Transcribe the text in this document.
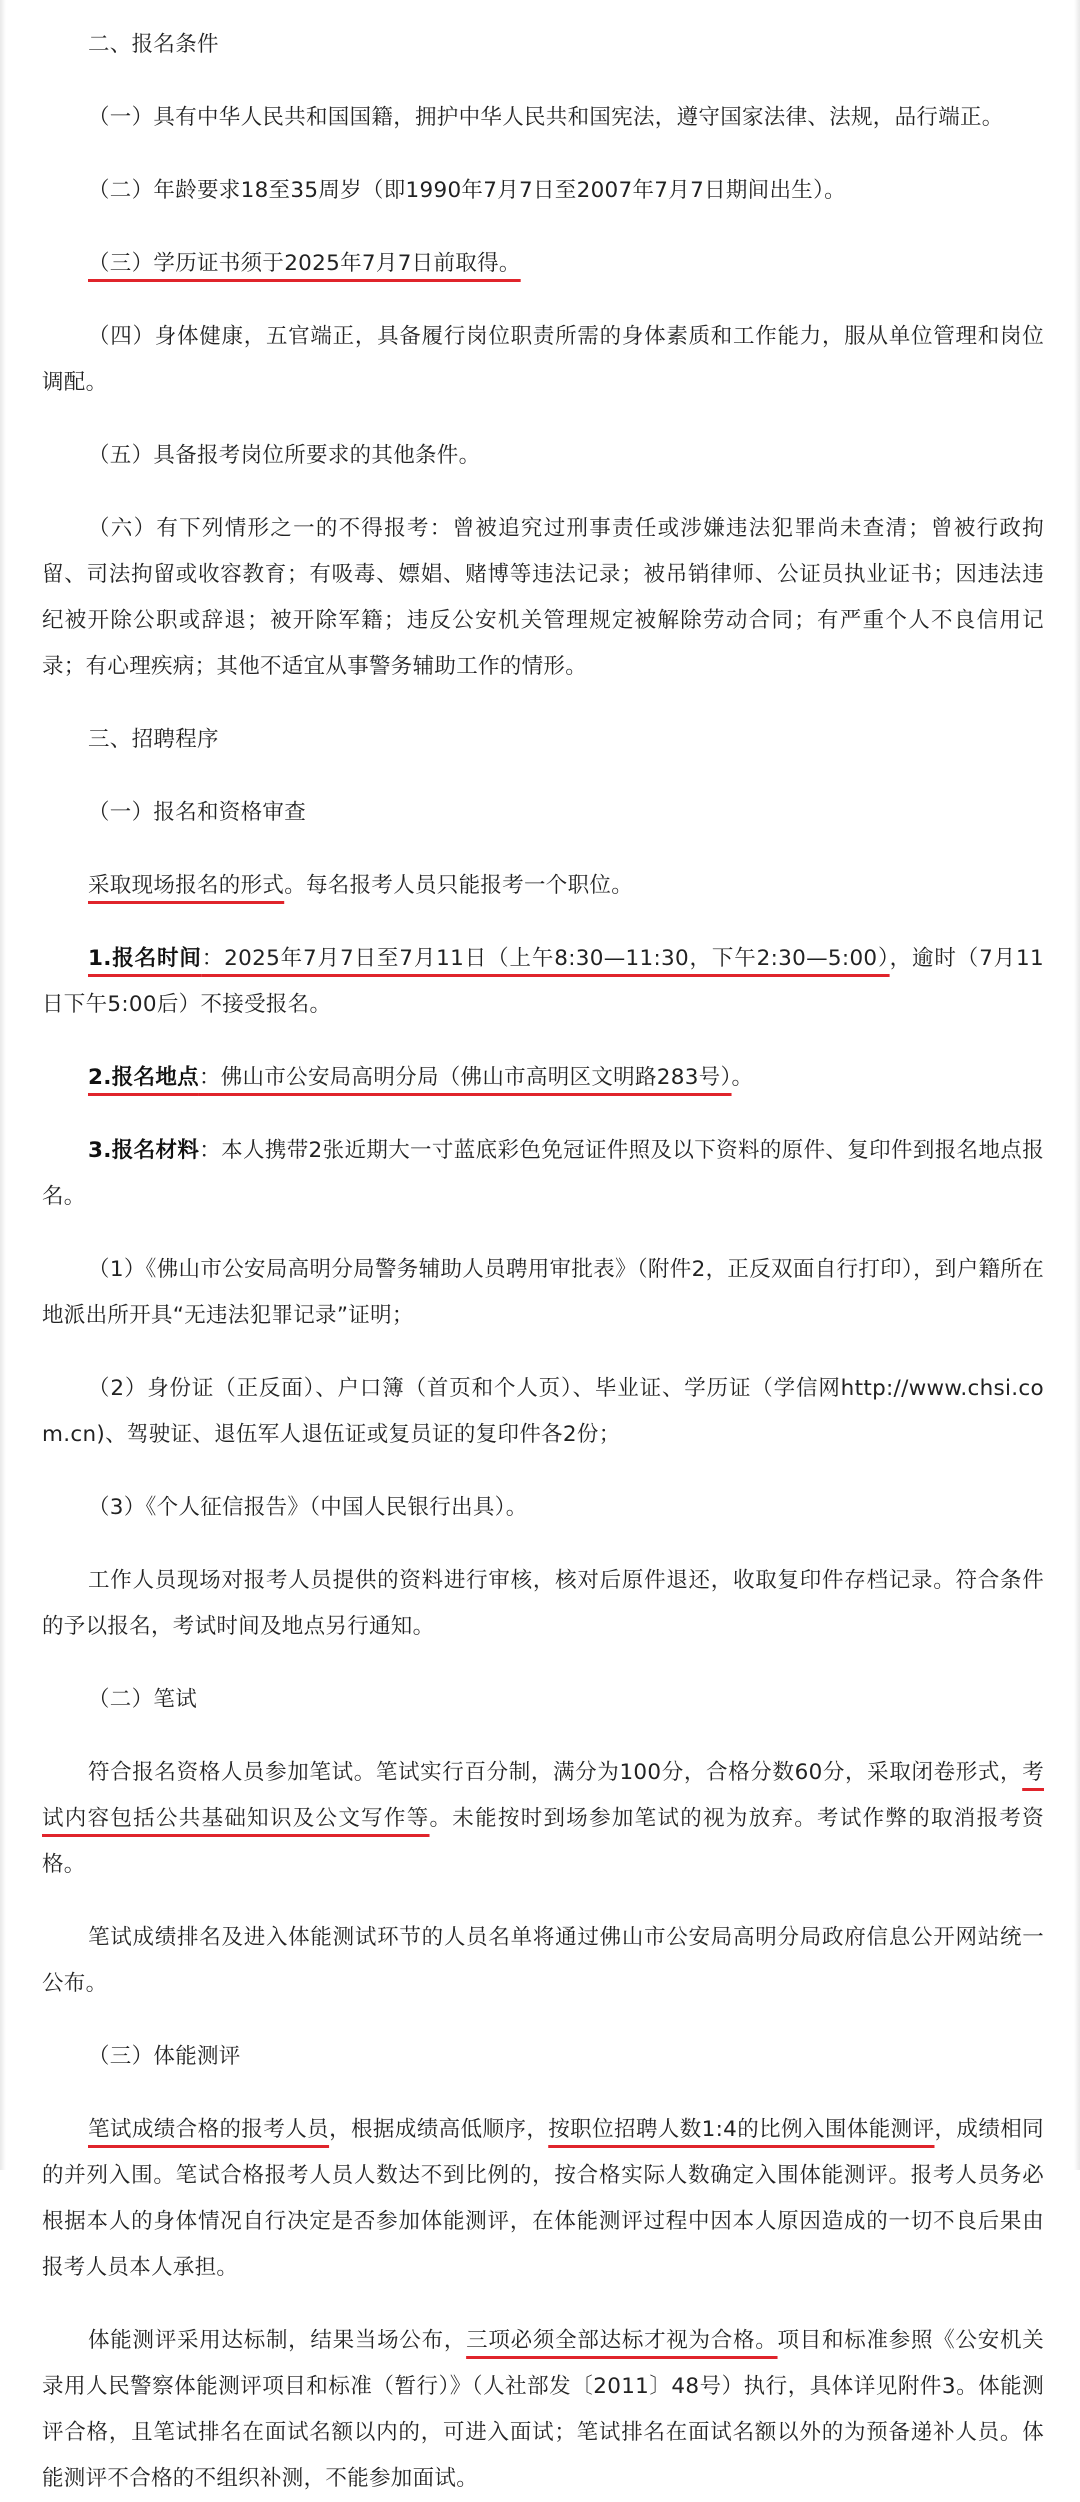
二、报名条件

（一）具有中华人民共和国国籍，拥护中华人民共和国宪法，遵守国家法律、法规，品行端正。

（二）年龄要求18至35周岁（即1990年7月7日至2007年7月7日期间出生）。

（三）学历证书须于2025年7月7日前取得。

（四）身体健康，五官端正，具备履行岗位职责所需的身体素质和工作能力，服从单位管理和岗位调配。

（五）具备报考岗位所要求的其他条件。

（六）有下列情形之一的不得报考：曾被追究过刑事责任或涉嫌违法犯罪尚未查清；曾被行政拘留、司法拘留或收容教育；有吸毒、嫖娼、赌博等违法记录；被吊销律师、公证员执业证书；因违法违纪被开除公职或辞退；被开除军籍；违反公安机关管理规定被解除劳动合同；有严重个人不良信用记录；有心理疾病；其他不适宜从事警务辅助工作的情形。

三、招聘程序

（一）报名和资格审查

采取现场报名的形式。每名报考人员只能报考一个职位。

1.报名时间：2025年7月7日至7月11日（上午8:30—11:30，下午2:30—5:00），逾时（7月11日下午5:00后）不接受报名。

2.报名地点：佛山市公安局高明分局（佛山市高明区文明路283号）。

3.报名材料：本人携带2张近期大一寸蓝底彩色免冠证件照及以下资料的原件、复印件到报名地点报名。

（1）《佛山市公安局高明分局警务辅助人员聘用审批表》（附件2，正反双面自行打印），到户籍所在地派出所开具“无违法犯罪记录”证明；

（2）身份证（正反面）、户口簿（首页和个人页）、毕业证、学历证（学信网http://www.chsi.com.cn)、驾驶证、退伍军人退伍证或复员证的复印件各2份；

（3）《个人征信报告》（中国人民银行出具）。

工作人员现场对报考人员提供的资料进行审核，核对后原件退还，收取复印件存档记录。符合条件的予以报名，考试时间及地点另行通知。

（二）笔试

符合报名资格人员参加笔试。笔试实行百分制，满分为100分，合格分数60分，采取闭卷形式，考试内容包括公共基础知识及公文写作等。未能按时到场参加笔试的视为放弃。考试作弊的取消报考资格。

笔试成绩排名及进入体能测试环节的人员名单将通过佛山市公安局高明分局政府信息公开网站统一公布。

（三）体能测评

笔试成绩合格的报考人员，根据成绩高低顺序，按职位招聘人数1:4的比例入围体能测评，成绩相同的并列入围。笔试合格报考人员人数达不到比例的，按合格实际人数确定入围体能测评。报考人员务必根据本人的身体情况自行决定是否参加体能测评，在体能测评过程中因本人原因造成的一切不良后果由报考人员本人承担。

体能测评采用达标制，结果当场公布，三项必须全部达标才视为合格。项目和标准参照《公安机关录用人民警察体能测评项目和标准（暂行）》（人社部发〔2011〕48号）执行，具体详见附件3。体能测评合格，且笔试排名在面试名额以内的，可进入面试；笔试排名在面试名额以外的为预备递补人员。体能测评不合格的不组织补测，不能参加面试。
